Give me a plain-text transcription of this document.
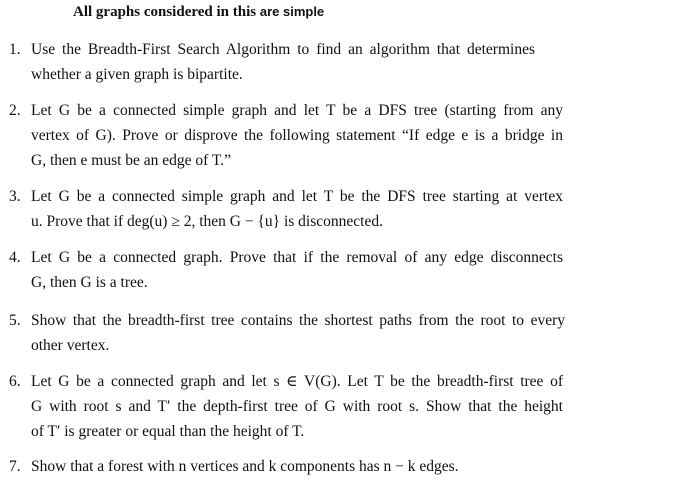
All graphs considered in this are simple
1. Use the Breadth-First Search Algorithm to find an algorithm that determines
whether a given graph is bipartite.
2. Let G be a connected simple graph and let T be a DFS tree (starting from any
vertex of G). Prove or disprove the following statement “If edge e is a bridge in
G, then e must be an edge of T.”
3. Let G be a connected simple graph and let T be the DFS tree starting at vertex
u. Prove that if deg(u) ≥ 2, then G − {u} is disconnected.
4. Let G be a connected graph. Prove that if the removal of any edge disconnects
G, then G is a tree.
5. Show that the breadth-first tree contains the shortest paths from the root to every
other vertex.
6. Let G be a connected graph and let s ∈ V(G). Let T be the breadth-first tree of
G with root s and T′ the depth-first tree of G with root s. Show that the height
of T′ is greater or equal than the height of T.
7. Show that a forest with n vertices and k components has n − k edges.
